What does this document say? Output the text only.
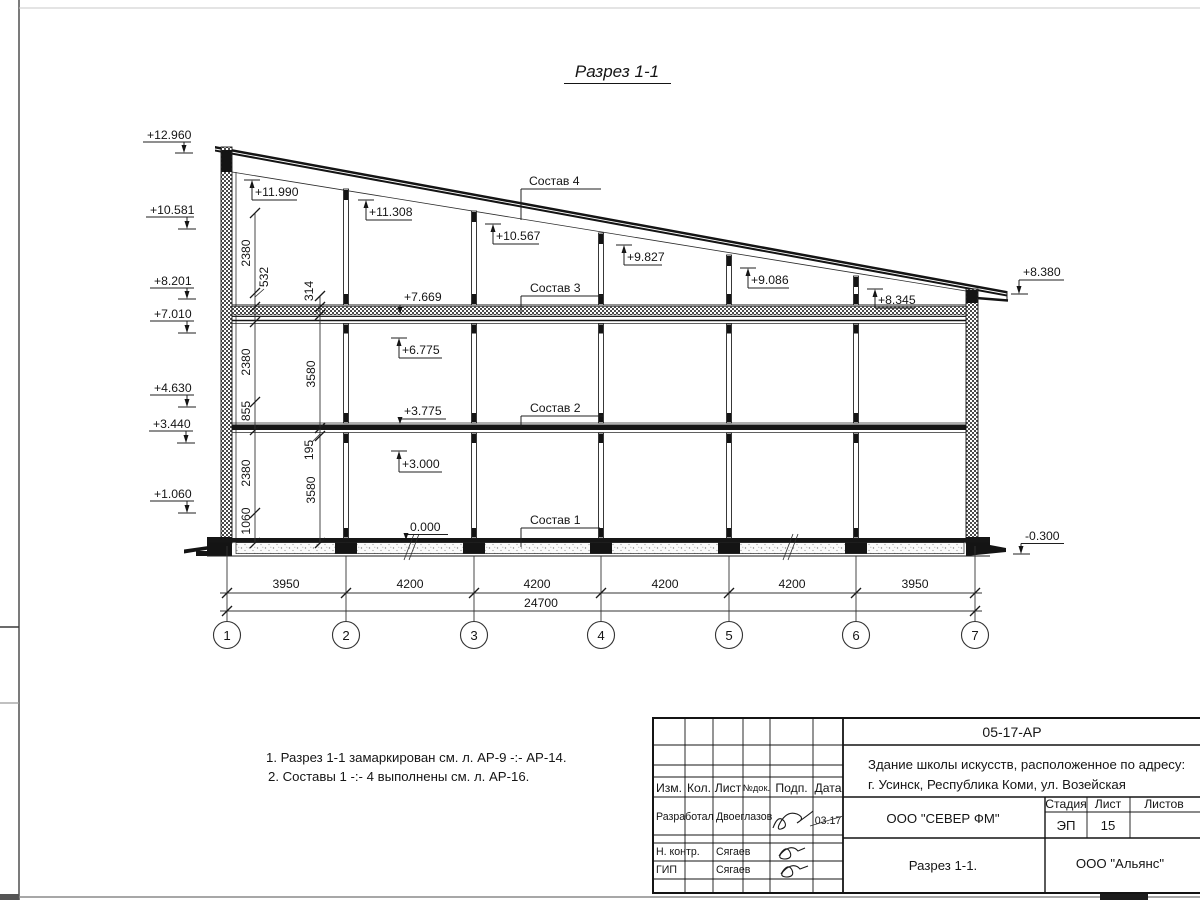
Разрез 1-1
+12.960
+10.581
+8.201
+7.010
+4.630
+3.440
+1.060
+11.990
+11.308
+10.567
+9.827
+9.086
+8.345
+6.775
+3.000
+7.669
+3.775
0.000
+8.380
-0.300
Состав 4
Состав 3
Состав 2
Состав 1
2380
532
2380
855
2380
1060
314
3580
195
3580
3950	4200	4200	4200	4200	3950
24700
1	2	3	4	5	6	7
1. Разрез 1-1 замаркирован см. л. АР-9 -:- АР-14.
2. Составы 1 -:- 4 выполнены см. л. АР-16.
05-17-АР
Здание школы искусств, расположенное по адресу:
г. Усинск, Республика Коми, ул. Возейская
Изм. Кол. Лист №док. Подп. Дата
Разработал Двоеглазов	03.17
Н. контр. Сягаев
ГИП	Сягаев
ООО "СЕВЕР ФМ"
Разрез 1-1.
Стадия Лист Листов
ЭП 15
ООО "Альянс"
